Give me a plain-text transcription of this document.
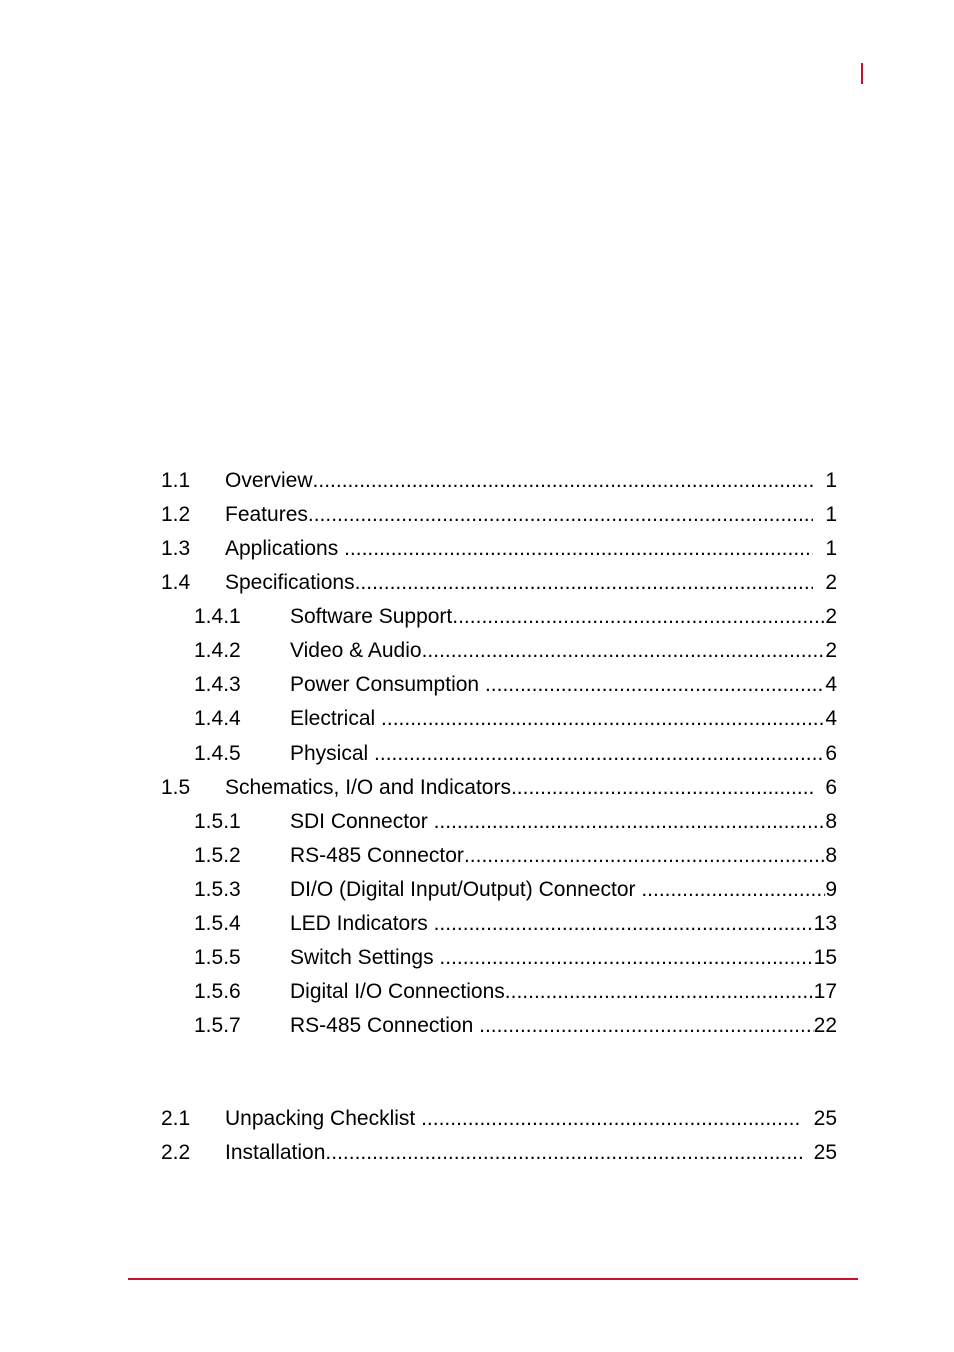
1.1	Overview .....	1
1.2	Features .....	1
1.3	Applications .....	1
1.4	Specifications .....	2
1.4.1	Software Support .....	2
1.4.2	Video & Audio .....	2
1.4.3	Power Consumption .....	4
1.4.4	Electrical .....	4
1.4.5	Physical .....	6
1.5	Schematics, I/O and Indicators .....	6
1.5.1	SDI Connector .....	8
1.5.2	RS-485 Connector .....	8
1.5.3	DI/O (Digital Input/Output) Connector .....	9
1.5.4	LED Indicators .....	13
1.5.5	Switch Settings .....	15
1.5.6	Digital I/O Connections .....	17
1.5.7	RS-485 Connection .....	22
2.1	Unpacking Checklist .....	25
2.2	Installation .....	25
